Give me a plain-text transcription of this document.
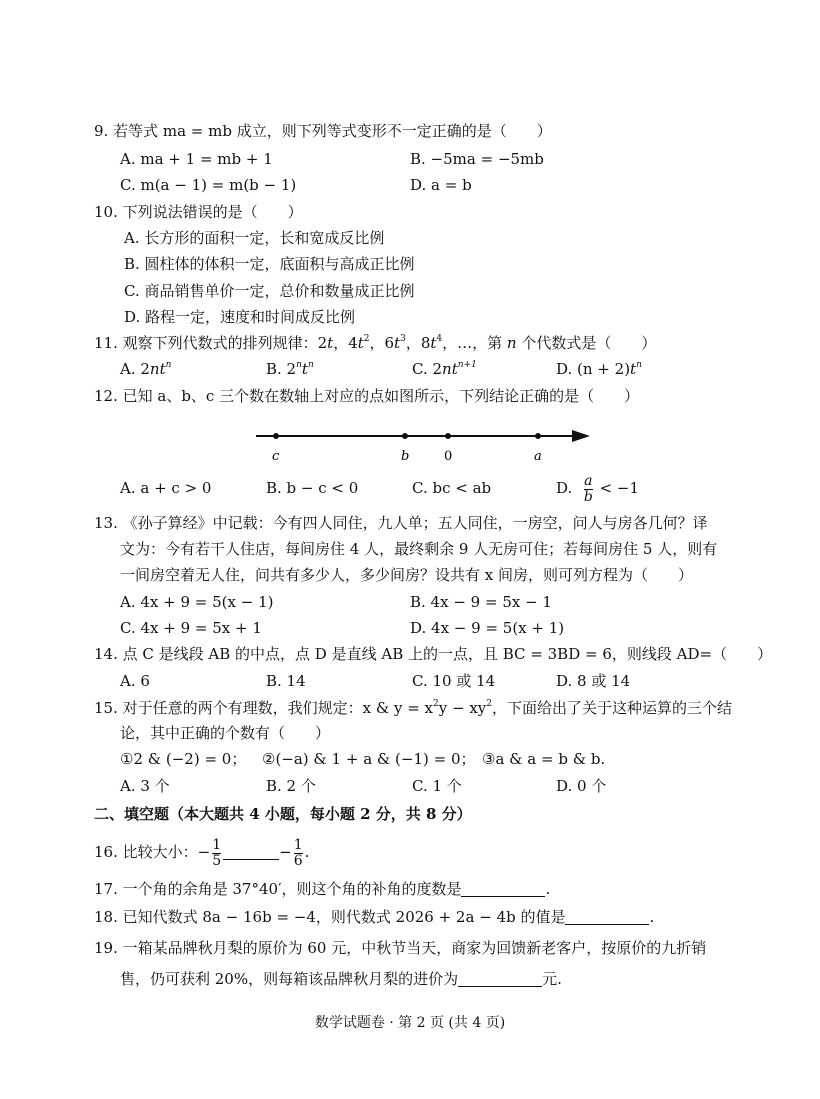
9. 若等式 ma = mb 成立，则下列等式变形不一定正确的是（　　）
A. ma + 1 = mb + 1	B. −5ma = −5mb
C. m(a − 1) = m(b − 1)	D. a = b
10. 下列说法错误的是（　　）
A. 长方形的面积一定，长和宽成反比例
B. 圆柱体的体积一定，底面积与高成正比例
C. 商品销售单价一定，总价和数量成正比例
D. 路程一定，速度和时间成反比例
11. 观察下列代数式的排列规律：2t，$4t^2$，$6t^3$，$8t^4$，…，第 n 个代数式是（　　）
A. $2nt^n$	B. $2^nt^n$	C. $2nt^{n+1}$	D. $(n + 2)t^n$
12. 已知 a、b、c 三个数在数轴上对应的点如图所示，下列结论正确的是（　　）
c	b	0	a
A. a + c > 0	B. b − c < 0	C. bc < ab	D. $\frac{a}{b} < -1$
13. 《孙子算经》中记载：今有四人同住，九人单；五人同住，一房空，问人与房各几何？译
文为：今有若干人住店，每间房住 4 人，最终剩余 9 人无房可住；若每间房住 5 人，则有
一间房空着无人住，问共有多少人，多少间房？设共有 x 间房，则可列方程为（　　）
A. 4x + 9 = 5(x − 1)	B. 4x − 9 = 5x − 1
C. 4x + 9 = 5x + 1	D. 4x − 9 = 5(x + 1)
14. 点 C 是线段 AB 的中点，点 D 是直线 AB 上的一点，且 BC = 3BD = 6，则线段 AD=（　　）
A. 6	B. 14	C. 10 或 14	D. 8 或 14
15. 对于任意的两个有理数，我们规定：x & $y = x^2y - xy^2$，下面给出了关于这种运算的三个结
论，其中正确的个数有（　　）
①2 & (−2) = 0； ②(−a) & 1 + a & (−1) = 0； ③a & a = b & b.
A. 3 个	B. 2 个	C. 1 个	D. 0 个
二、填空题（本大题共 4 小题，每小题 2 分，共 8 分）
16. 比较大小：− $\frac{1}{5}$	− $\frac{1}{6}$ .
17. 一个角的余角是 37°40′，则这个角的补角的度数是	.
18. 已知代数式 8a − 16b = −4，则代数式 2026 + 2a − 4b 的值是	.
19. 一箱某品牌秋月梨的原价为 60 元，中秋节当天，商家为回馈新老客户，按原价的九折销
售，仍可获利 20%，则每箱该品牌秋月梨的进价为	元.
数学试题卷 · 第 2 页 (共 4 页)
